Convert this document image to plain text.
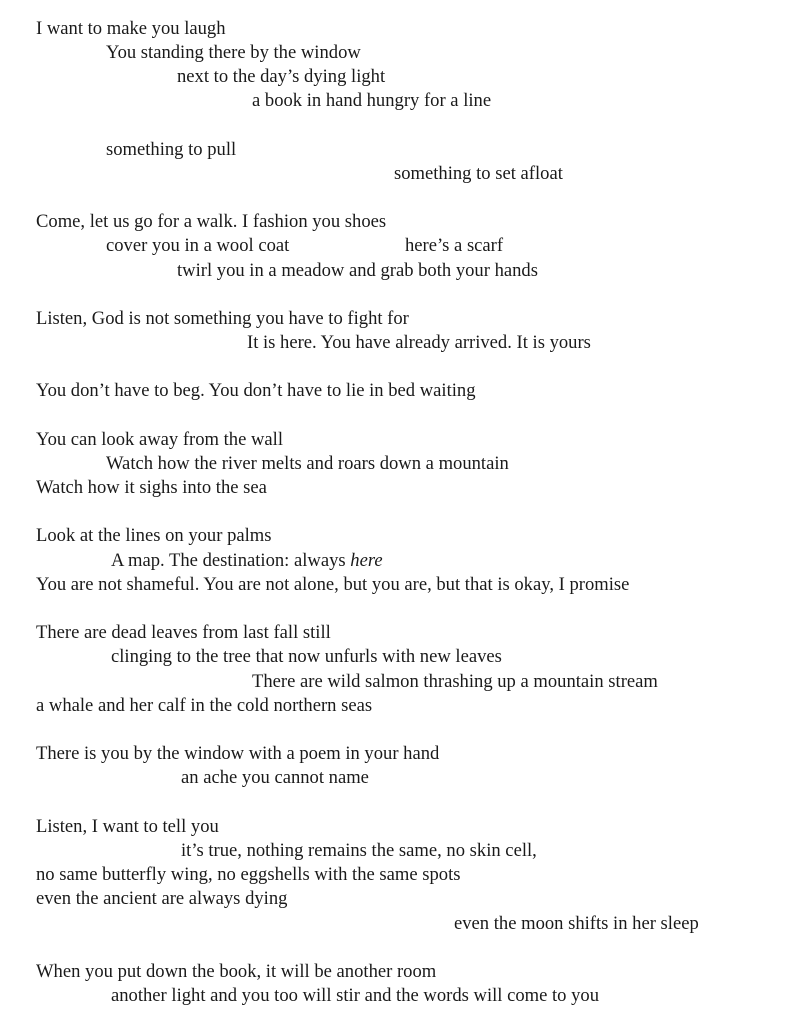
I want to make you laugh
You standing there by the window
next to the day’s dying light
a book in hand hungry for a line
something to pull
something to set afloat
Come, let us go for a walk. I fashion you shoes
cover you in a wool coat	here’s a scarf
twirl you in a meadow and grab both your hands
Listen, God is not something you have to fight for
It is here. You have already arrived. It is yours
You don’t have to beg. You don’t have to lie in bed waiting
You can look away from the wall
Watch how the river melts and roars down a mountain
Watch how it sighs into the sea
Look at the lines on your palms
A map. The destination: always here
You are not shameful. You are not alone, but you are, but that is okay, I promise
There are dead leaves from last fall still
clinging to the tree that now unfurls with new leaves
There are wild salmon thrashing up a mountain stream
a whale and her calf in the cold northern seas
There is you by the window with a poem in your hand
an ache you cannot name
Listen, I want to tell you
it’s true, nothing remains the same, no skin cell,
no same butterfly wing, no eggshells with the same spots
even the ancient are always dying
even the moon shifts in her sleep
When you put down the book, it will be another room
another light and you too will stir and the words will come to you
